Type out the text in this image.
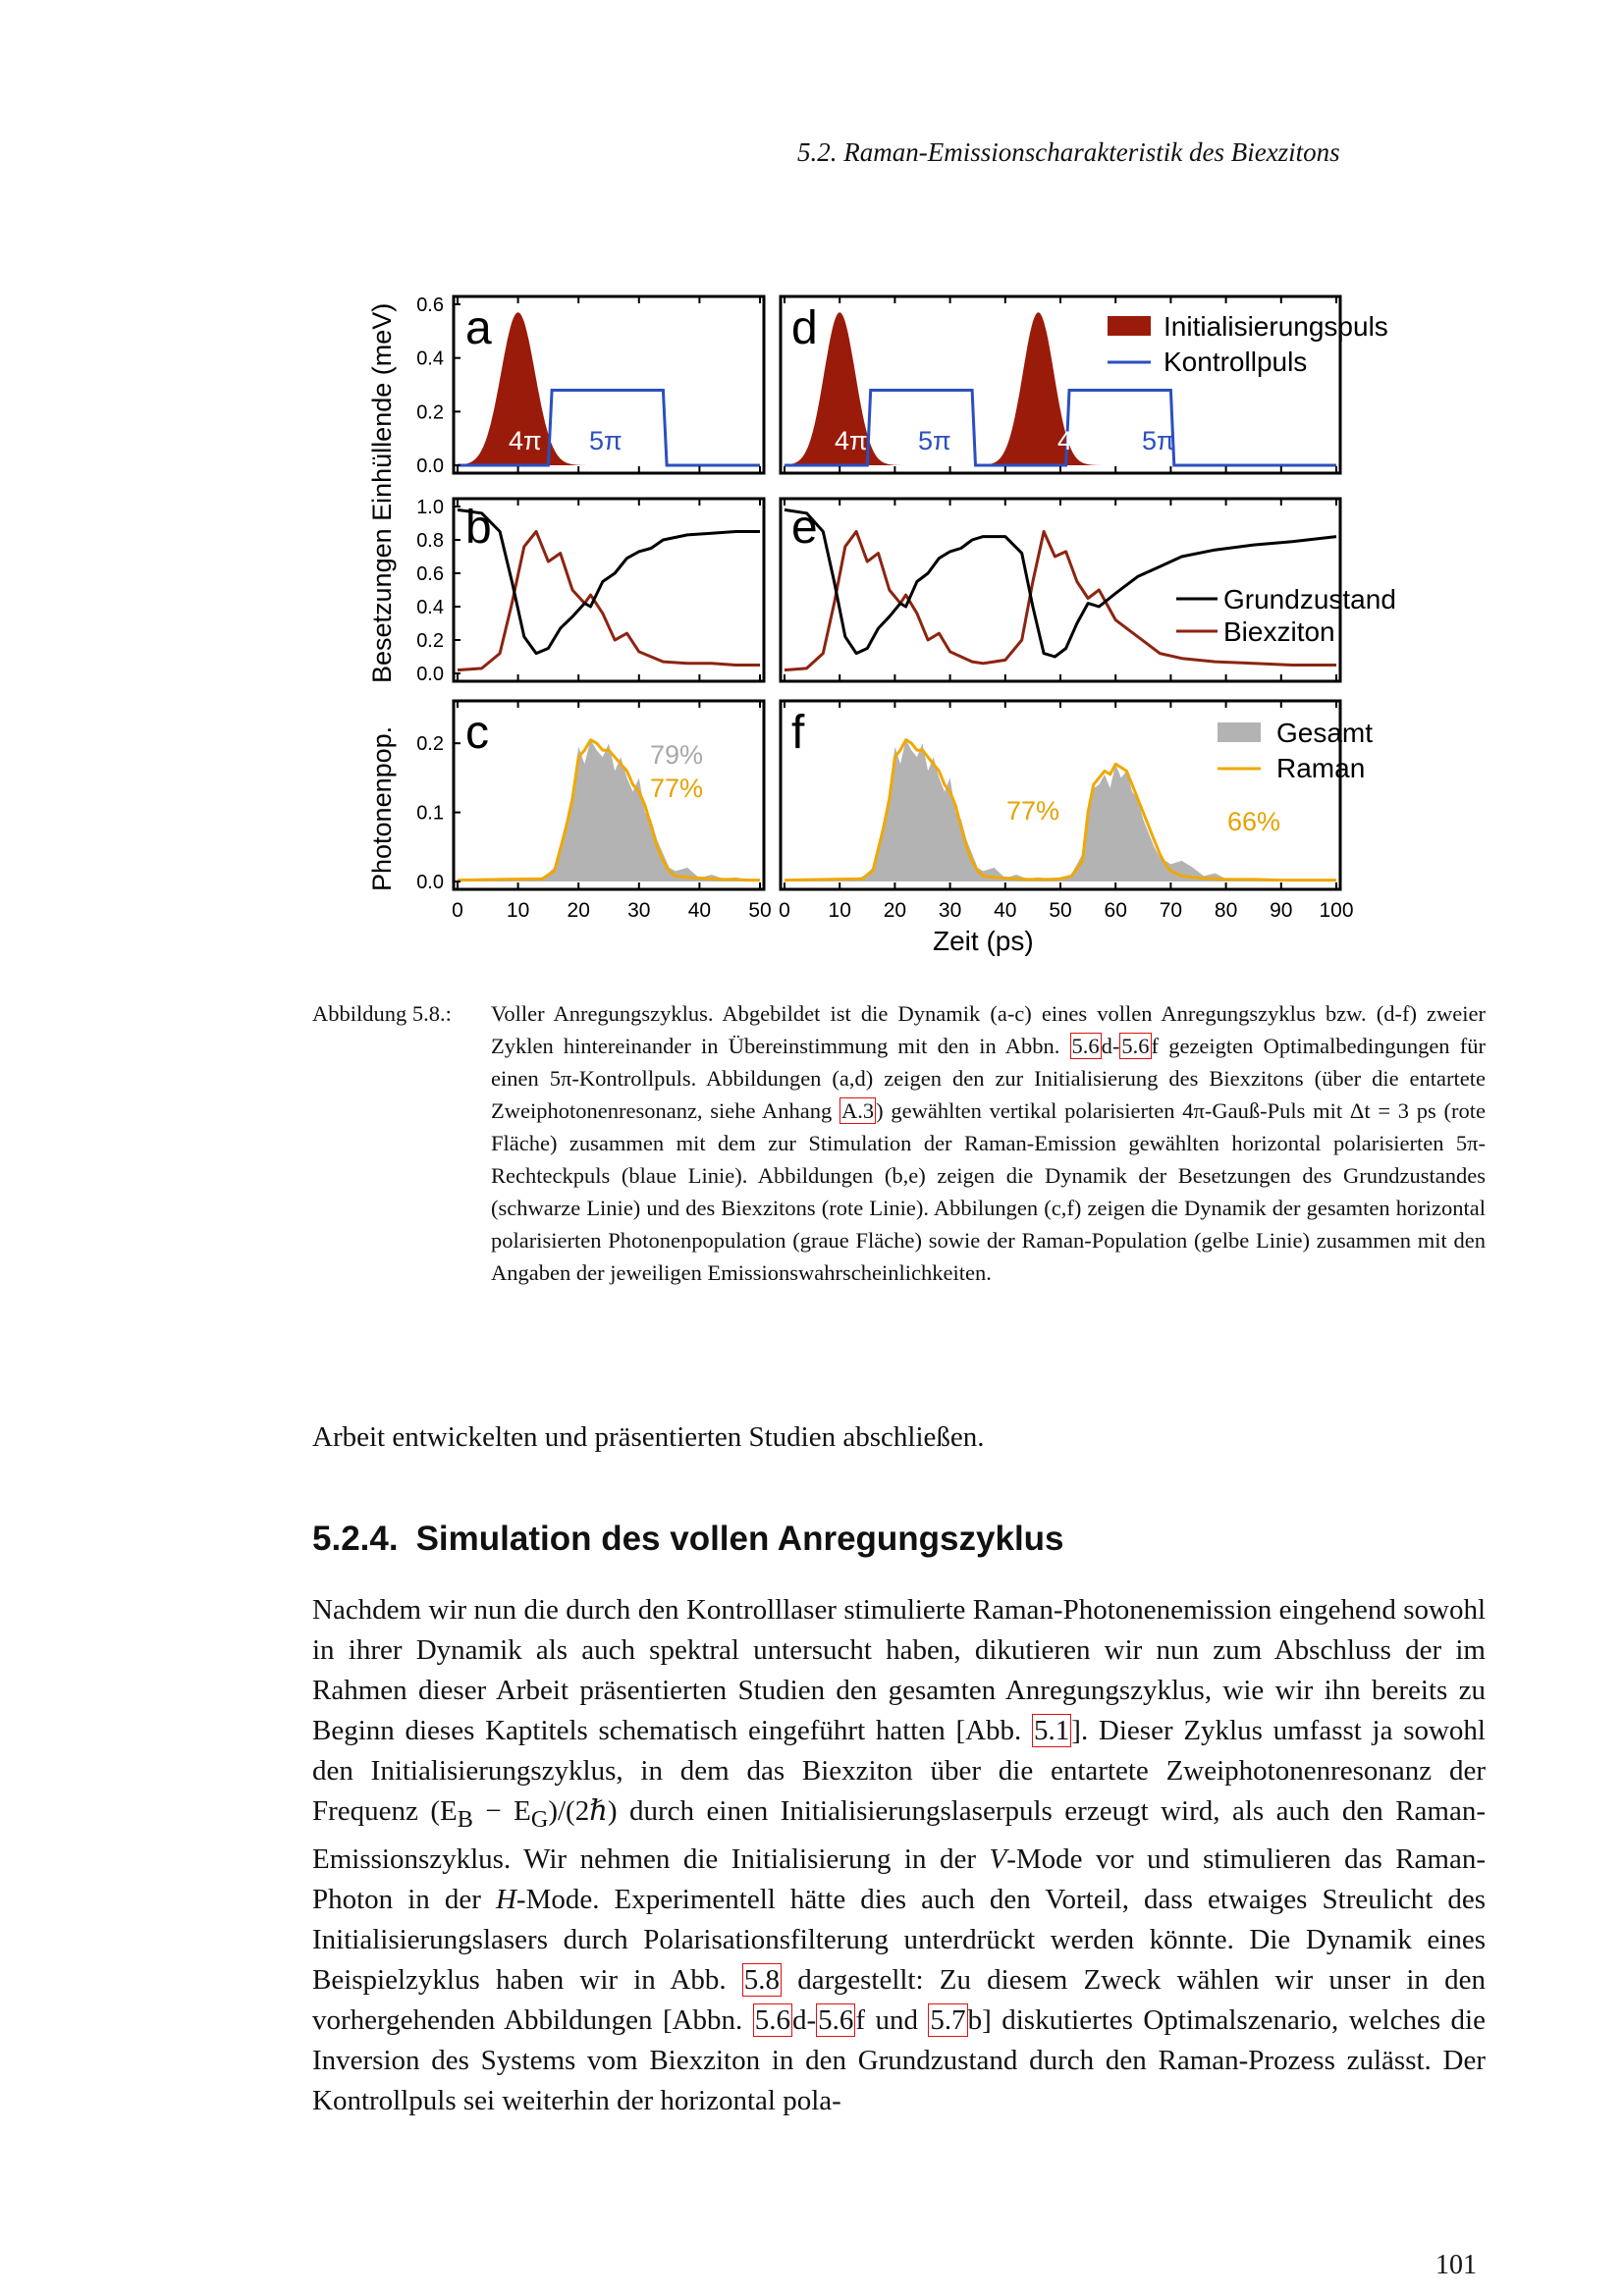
5.2. Raman-Emissionscharakteristik des Biexzitons
Besetzungen Einhüllende (meV)
Photonenpop.
0.0
0.2
0.4
0.6
0.0
0.2
0.4
0.6
0.8
1.0
0.0
0.1
0.2
0 10 20 30 40 50 0 10 20 30 40 50 60 70 80 90 100
a
b
c
d
e
f
4π 5π	4π 5π	4π 5π
Initialisierungspuls
Kontrollpuls
Grundzustand
Biexziton
Gesamt
Raman
79%
77%
77%	66%
Zeit (ps)
Abbildung 5.8.: Voller Anregungszyklus. Abgebildet ist die Dynamik (a-c) eines vollen Anregungszyklus bzw. (d-f) zweier Zyklen hintereinander in Übereinstimmung mit den in Abbn. 5.6d-5.6f gezeigten Optimalbedingungen für einen 5π-Kontrollpuls. Abbildungen (a,d) zeigen den zur Initialisierung des Biexzitons (über die entartete Zweiphotonenresonanz, siehe Anhang A.3) gewählten vertikal polarisierten 4π-Gauß-Puls mit Δt = 3 ps (rote Fläche) zusammen mit dem zur Stimulation der Raman-Emission gewählten horizontal polarisierten 5π-Rechteckpuls (blaue Linie). Abbildungen (b,e) zeigen die Dynamik der Besetzungen des Grundzustandes (schwarze Linie) und des Biexzitons (rote Linie). Abbilungen (c,f) zeigen die Dynamik der gesamten horizontal polarisierten Photonenpopulation (graue Fläche) sowie der Raman-Population (gelbe Linie) zusammen mit den Angaben der jeweiligen Emissionswahrscheinlichkeiten.
Arbeit entwickelten und präsentierten Studien abschließen.
5.2.4. Simulation des vollen Anregungszyklus
Nachdem wir nun die durch den Kontrolllaser stimulierte Raman-Photonenemission eingehend sowohl in ihrer Dynamik als auch spektral untersucht haben, dikutieren wir nun zum Abschluss der im Rahmen dieser Arbeit präsentierten Studien den gesamten Anregungszyklus, wie wir ihn bereits zu Beginn dieses Kaptitels schematisch eingeführt hatten [Abb. 5.1]. Dieser Zyklus umfasst ja sowohl den Initialisierungszyklus, in dem das Biexziton über die entartete Zweiphotonenresonanz der Frequenz ($E_B$ − $E_G)/(2\hbar)$ durch einen Initialisierungslaserpuls erzeugt wird, als auch den Raman-Emissionszyklus. Wir nehmen die Initialisierung in der V-Mode vor und stimulieren das Raman-Photon in der H-Mode. Experimentell hätte dies auch den Vorteil, dass etwaiges Streulicht des Initialisierungslasers durch Polarisationsfilterung unterdrückt werden könnte. Die Dynamik eines Beispielzyklus haben wir in Abb. 5.8 dargestellt: Zu diesem Zweck wählen wir unser in den vorhergehenden Abbildungen [Abbn. 5.6d-5.6f und 5.7b] diskutiertes Optimalszenario, welches die Inversion des Systems vom Biexziton in den Grundzustand durch den Raman-Prozess zulässt. Der Kontrollpuls sei weiterhin der horizontal pola-
101
